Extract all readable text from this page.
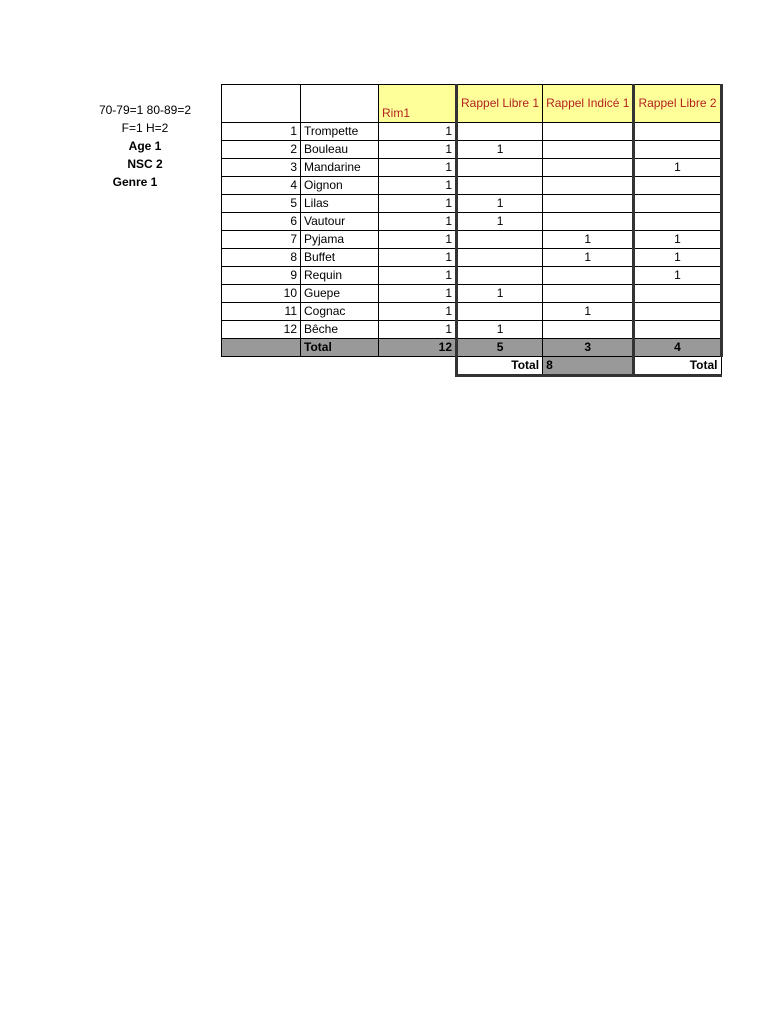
70-79=1 80-89=2
F=1 H=2
Age 1
NSC 2
Genre 1
		Rim1	Rappel Libre 1	Rappel Indicé 1	Rappel Libre 2
1	Trompette	1			
2	Bouleau	1	1		
3	Mandarine	1			1
4	Oignon	1			
5	Lilas	1	1		
6	Vautour	1	1		
7	Pyjama	1		1	1
8	Buffet	1		1	1
9	Requin	1			1
10	Guepe	1	1		
11	Cognac	1		1	
12	Bêche	1	1		
	Total	12	5	3	4
			Total	8	Total
